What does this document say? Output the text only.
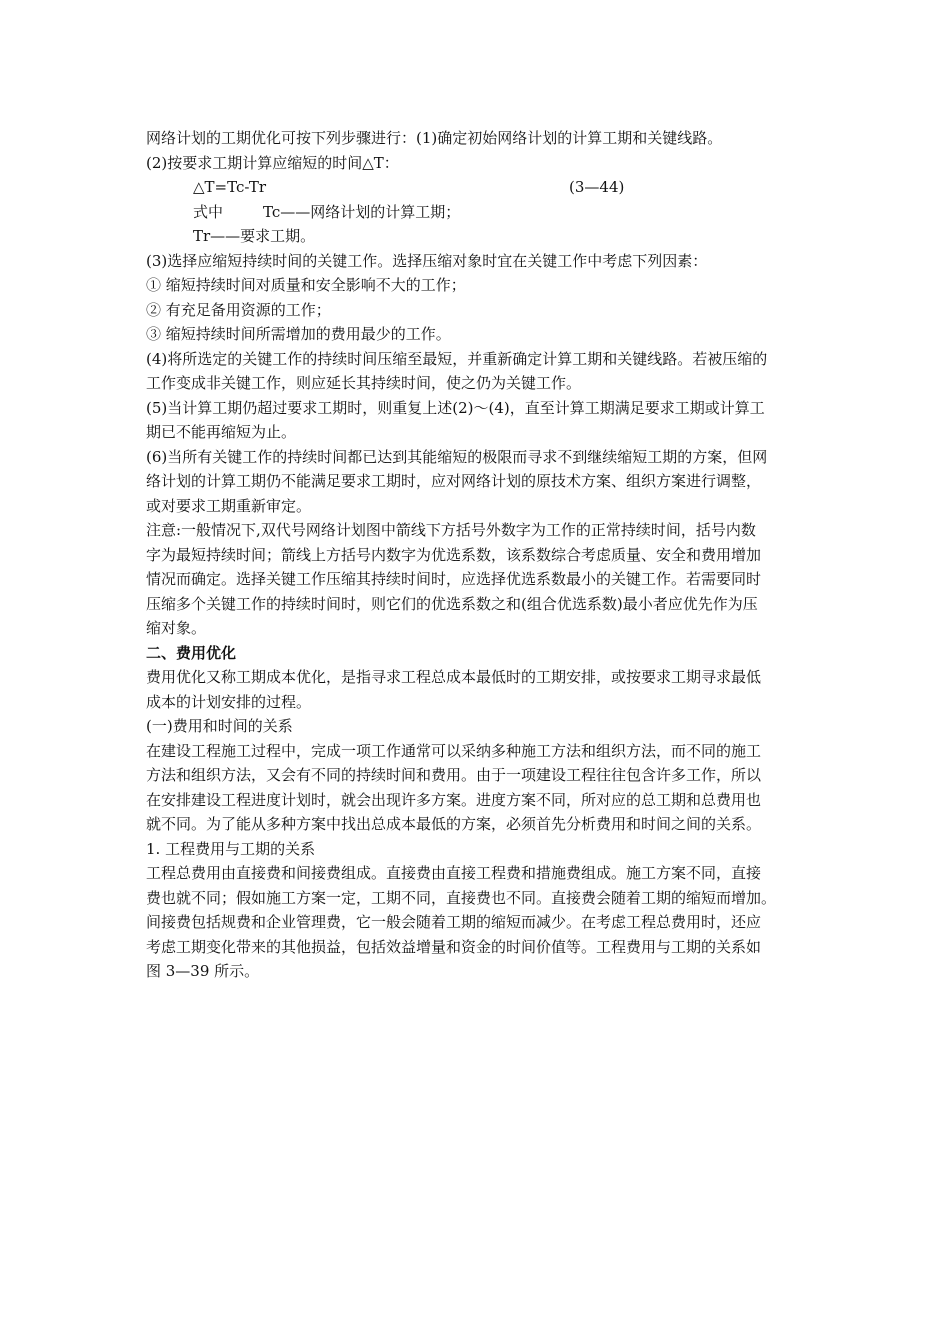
网络计划的工期优化可按下列步骤进行：(1)确定初始网络计划的计算工期和关键线路。
(2)按要求工期计算应缩短的时间△T：
△T=Tc-Tr	(3—44)
式中	Tc——网络计划的计算工期；
Tr——要求工期。
(3)选择应缩短持续时间的关键工作。选择压缩对象时宜在关键工作中考虑下列因素：
① 缩短持续时间对质量和安全影响不大的工作；
② 有充足备用资源的工作；
③ 缩短持续时间所需增加的费用最少的工作。
(4)将所选定的关键工作的持续时间压缩至最短，并重新确定计算工期和关键线路。若被压缩的
工作变成非关键工作，则应延长其持续时间，使之仍为关键工作。
(5)当计算工期仍超过要求工期时，则重复上述(2)～(4)，直至计算工期满足要求工期或计算工
期已不能再缩短为止。
(6)当所有关键工作的持续时间都已达到其能缩短的极限而寻求不到继续缩短工期的方案，但网
络计划的计算工期仍不能满足要求工期时，应对网络计划的原技术方案、组织方案进行调整，
或对要求工期重新审定。
注意:一般情况下,双代号网络计划图中箭线下方括号外数字为工作的正常持续时间，括号内数
字为最短持续时间；箭线上方括号内数字为优选系数，该系数综合考虑质量、安全和费用增加
情况而确定。选择关键工作压缩其持续时间时，应选择优选系数最小的关键工作。若需要同时
压缩多个关键工作的持续时间时，则它们的优选系数之和(组合优选系数)最小者应优先作为压
缩对象。
二、费用优化
费用优化又称工期成本优化，是指寻求工程总成本最低时的工期安排，或按要求工期寻求最低
成本的计划安排的过程。
(一)费用和时间的关系
在建设工程施工过程中，完成一项工作通常可以采纳多种施工方法和组织方法，而不同的施工
方法和组织方法，又会有不同的持续时间和费用。由于一项建设工程往往包含许多工作，所以
在安排建设工程进度计划时，就会出现许多方案。进度方案不同，所对应的总工期和总费用也
就不同。为了能从多种方案中找出总成本最低的方案，必须首先分析费用和时间之间的关系。
1. 工程费用与工期的关系
工程总费用由直接费和间接费组成。直接费由直接工程费和措施费组成。施工方案不同，直接
费也就不同；假如施工方案一定，工期不同，直接费也不同。直接费会随着工期的缩短而增加。
间接费包括规费和企业管理费，它一般会随着工期的缩短而减少。在考虑工程总费用时，还应
考虑工期变化带来的其他损益，包括效益增量和资金的时间价值等。工程费用与工期的关系如
图 3—39 所示。
